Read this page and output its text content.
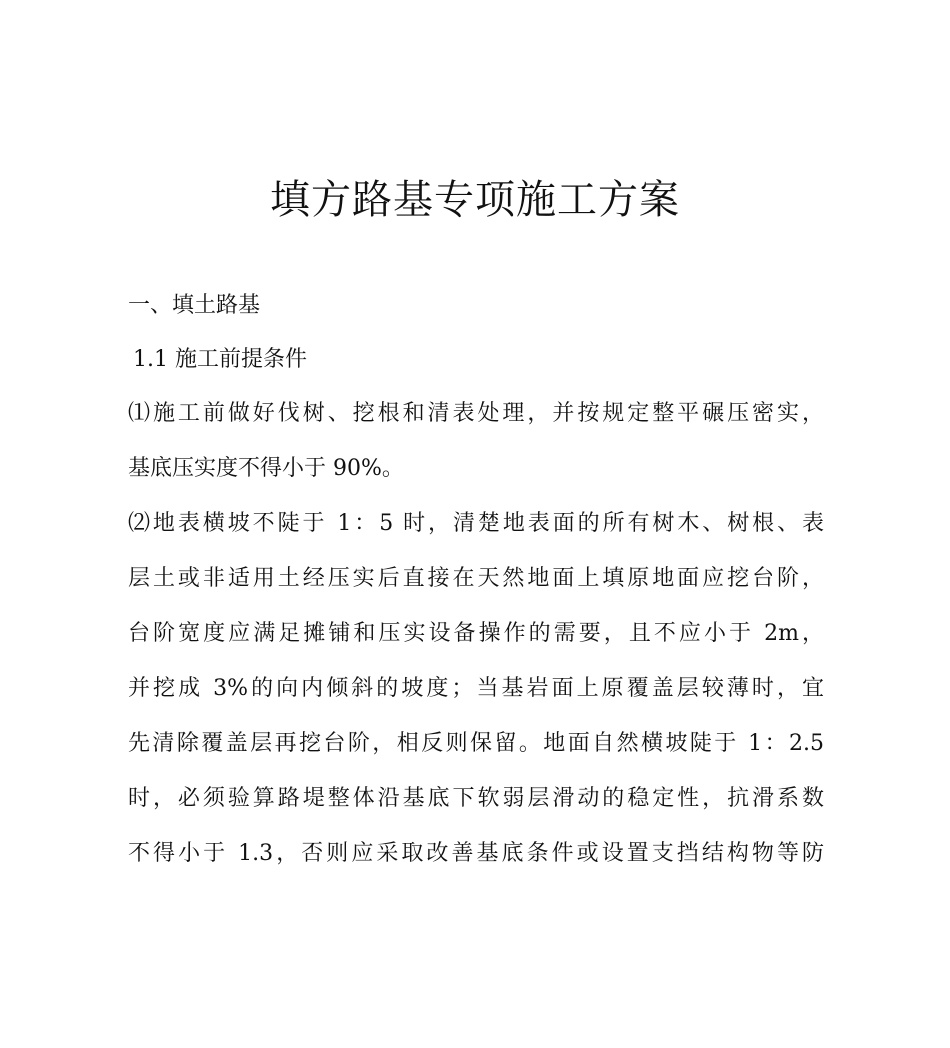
填方路基专项施工方案
一、填土路基
1.1 施工前提条件
⑴施工前做好伐树、挖根和清表处理，并按规定整平碾压密实，
基底压实度不得小于 90%。
⑵地表横坡不陡于 1：5 时，清楚地表面的所有树木、树根、表
层土或非适用土经压实后直接在天然地面上填原地面应挖台阶，
台阶宽度应满足摊铺和压实设备操作的需要，且不应小于 2m，
并挖成 3%的向内倾斜的坡度；当基岩面上原覆盖层较薄时，宜
先清除覆盖层再挖台阶，相反则保留。地面自然横坡陡于 1：2.5
时，必须验算路堤整体沿基底下软弱层滑动的稳定性，抗滑系数
不得小于 1.3，否则应采取改善基底条件或设置支挡结构物等防
